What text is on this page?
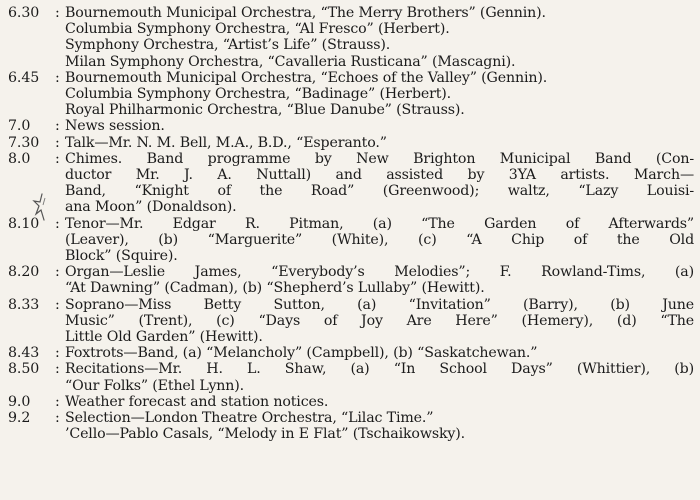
6.30	: Bournemouth Municipal Orchestra, “The Merry Brothers” (Gennin).
Columbia Symphony Orchestra, “Al Fresco” (Herbert).
Symphony Orchestra, “Artist’s Life” (Strauss).
Milan Symphony Orchestra, “Cavalleria Rusticana” (Mascagni).
6.45	: Bournemouth Municipal Orchestra, “Echoes of the Valley” (Gennin).
Columbia Symphony Orchestra, “Badinage” (Herbert).
Royal Philharmonic Orchestra, “Blue Danube” (Strauss).
7.0	: News session.
7.30	: Talk—Mr. N. M. Bell, M.A., B.D., “Esperanto.”
8.0	: Chimes. Band programme by New Brighton Municipal Band (Con-
ductor Mr. J. A. Nuttall) and assisted by 3YA artists. March—
Band, “Knight of the Road” (Greenwood); waltz, “Lazy Louisi-
ana Moon” (Donaldson).
8.10	: Tenor—Mr. Edgar R. Pitman, (a) “The Garden of Afterwards”
(Leaver), (b) “Marguerite” (White), (c) “A Chip of the Old
Block” (Squire).
8.20	: Organ—Leslie James, “Everybody’s Melodies”; F. Rowland-Tims, (a)
“At Dawning” (Cadman), (b) “Shepherd’s Lullaby” (Hewitt).
8.33	: Soprano—Miss Betty Sutton, (a) “Invitation” (Barry), (b) June
Music” (Trent), (c) “Days of Joy Are Here” (Hemery), (d) “The
Little Old Garden” (Hewitt).
8.43	: Foxtrots—Band, (a) “Melancholy” (Campbell), (b) “Saskatchewan.”
8.50	: Recitations—Mr. H. L. Shaw, (a) “In School Days” (Whittier), (b)
“Our Folks” (Ethel Lynn).
9.0	: Weather forecast and station notices.
9.2	: Selection—London Theatre Orchestra, “Lilac Time.”
’Cello—Pablo Casals, “Melody in E Flat” (Tschaikowsky).
